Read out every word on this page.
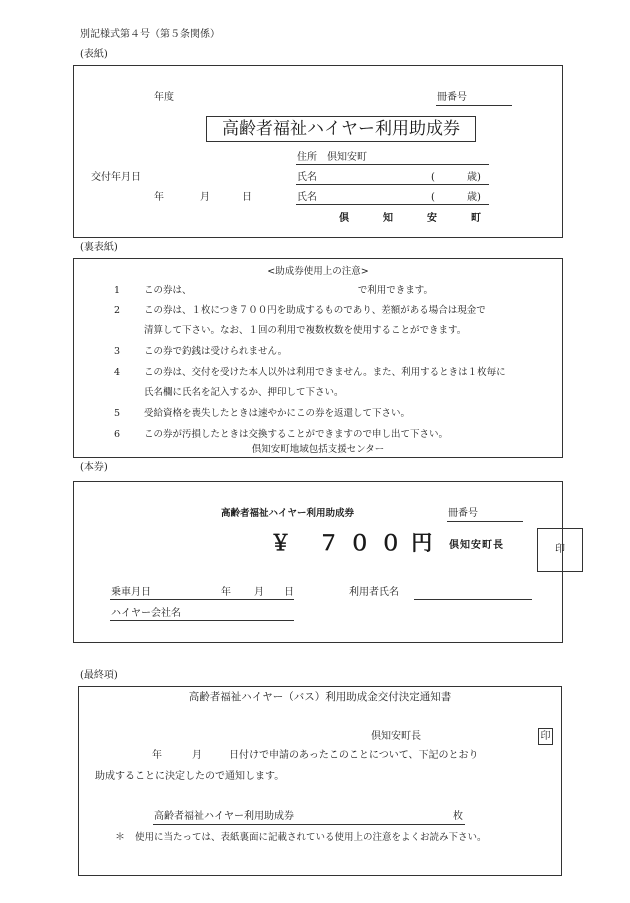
別記様式第４号（第５条関係）
(表紙)
年度	冊番号
高齢者福祉ハイヤー利用助成券
住所　倶知安町
交付年月日	氏名	(	歳)
年	月	日	氏名	(	歳)
倶　知　安　町
(裏表紙)
<助成券使用上の注意>
1	この券は、　　　　　　　　　　　　　　　　　　で利用できます。
2	この券は、１枚につき７００円を助成するものであり、差額がある場合は現金で
清算して下さい。なお、１回の利用で複数枚数を使用することができます。
3	この券で釣銭は受けられません。
4	この券は、交付を受けた本人以外は利用できません。また、利用するときは１枚毎に
氏名欄に氏名を記入するか、押印して下さい。
5	受給資格を喪失したときは速やかにこの券を返還して下さい。
6	この券が汚損したときは交換することができますので申し出て下さい。
倶知安町地域包括支援センター
(本券)
高齢者福祉ハイヤー利用助成券	冊番号
￥ ７００円 倶知安町長	印
乗車月日	年 月 日	利用者氏名
ハイヤー会社名
(最終項)
高齢者福祉ハイヤー（バス）利用助成金交付決定通知書
倶知安町長	印
年	月	日付けで申請のあったこのことについて、下記のとおり
助成することに決定したので通知します。
高齢者福祉ハイヤー利用助成券	枚
＊ 使用に当たっては、表紙裏面に記載されている使用上の注意をよくお読み下さい。
